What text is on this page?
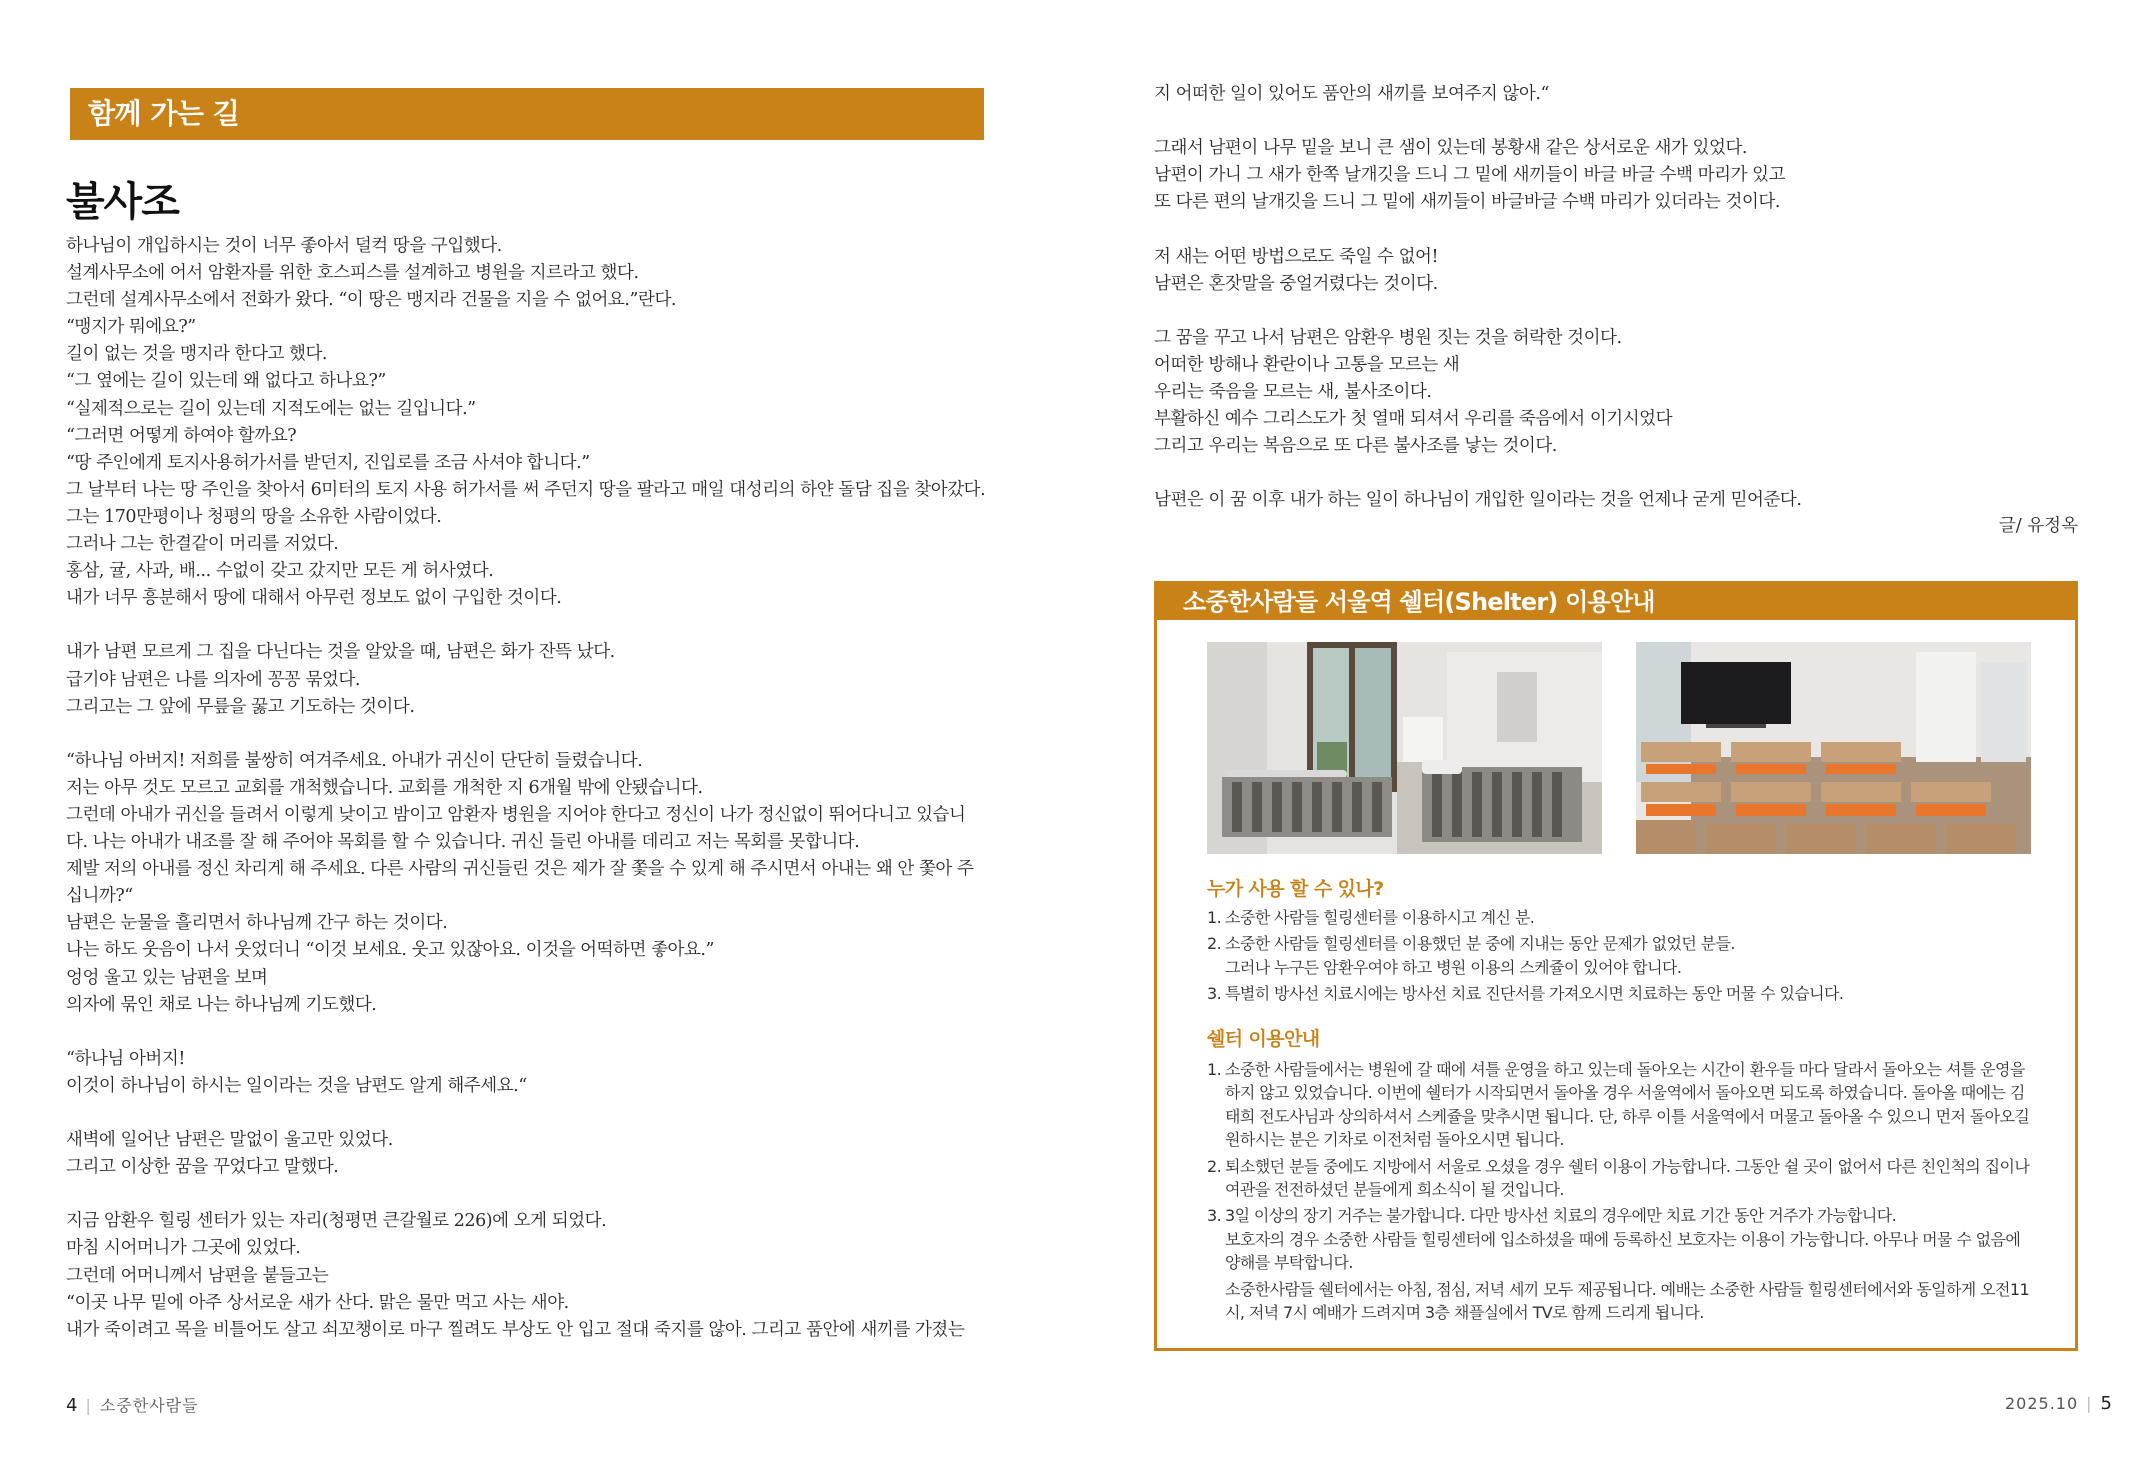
함께 가는 길
불사조
하나님이 개입하시는 것이 너무 좋아서 덜컥 땅을 구입했다.
설계사무소에 어서 암환자를 위한 호스피스를 설계하고 병원을 지르라고 했다.
그런데 설계사무소에서 전화가 왔다. “이 땅은 맹지라 건물을 지을 수 없어요.”란다.
“맹지가 뭐에요?”
길이 없는 것을 맹지라 한다고 했다.
“그 옆에는 길이 있는데 왜 없다고 하나요?”
“실제적으로는 길이 있는데 지적도에는 없는 길입니다.”
“그러면 어떻게 하여야 할까요?
“땅 주인에게 토지사용허가서를 받던지, 진입로를 조금 사셔야 합니다.”
그 날부터 나는 땅 주인을 찾아서 6미터의 토지 사용 허가서를 써 주던지 땅을 팔라고 매일 대성리의 하얀 돌담 집을 찾아갔다.
그는 170만평이나 청평의 땅을 소유한 사람이었다.
그러나 그는 한결같이 머리를 저었다.
홍삼, 귤, 사과, 배... 수없이 갖고 갔지만 모든 게 허사였다.
내가 너무 흥분해서 땅에 대해서 아무런 정보도 없이 구입한 것이다.
내가 남편 모르게 그 집을 다닌다는 것을 알았을 때, 남편은 화가 잔뜩 났다.
급기야 남편은 나를 의자에 꽁꽁 묶었다.
그리고는 그 앞에 무릎을 꿇고 기도하는 것이다.
“하나님 아버지! 저희를 불쌍히 여겨주세요. 아내가 귀신이 단단히 들렸습니다.
저는 아무 것도 모르고 교회를 개척했습니다. 교회를 개척한 지 6개월 밖에 안됐습니다.
그런데 아내가 귀신을 들려서 이렇게 낮이고 밤이고 암환자 병원을 지어야 한다고 정신이 나가 정신없이 뛰어다니고 있습니
다. 나는 아내가 내조를 잘 해 주어야 목회를 할 수 있습니다. 귀신 들린 아내를 데리고 저는 목회를 못합니다.
제발 저의 아내를 정신 차리게 해 주세요. 다른 사람의 귀신들린 것은 제가 잘 쫓을 수 있게 해 주시면서 아내는 왜 안 쫓아 주
십니까?“
남편은 눈물을 흘리면서 하나님께 간구 하는 것이다.
나는 하도 웃음이 나서 웃었더니 “이것 보세요. 웃고 있잖아요. 이것을 어떡하면 좋아요.”
엉엉 울고 있는 남편을 보며
의자에 묶인 채로 나는 하나님께 기도했다.
“하나님 아버지!
이것이 하나님이 하시는 일이라는 것을 남편도 알게 해주세요.“
새벽에 일어난 남편은 말없이 울고만 있었다.
그리고 이상한 꿈을 꾸었다고 말했다.
지금 암환우 힐링 센터가 있는 자리(청평면 큰갈월로 226)에 오게 되었다.
마침 시어머니가 그곳에 있었다.
그런데 어머니께서 남편을 붙들고는
“이곳 나무 밑에 아주 상서로운 새가 산다. 맑은 물만 먹고 사는 새야.
내가 죽이려고 목을 비틀어도 살고 쇠꼬챙이로 마구 찔려도 부상도 안 입고 절대 죽지를 않아. 그리고 품안에 새끼를 가졌는
4 | 소중한사람들
지 어떠한 일이 있어도 품안의 새끼를 보여주지 않아.“
그래서 남편이 나무 밑을 보니 큰 샘이 있는데 봉황새 같은 상서로운 새가 있었다.
남편이 가니 그 새가 한쪽 날개깃을 드니 그 밑에 새끼들이 바글 바글 수백 마리가 있고
또 다른 편의 날개깃을 드니 그 밑에 새끼들이 바글바글 수백 마리가 있더라는 것이다.
저 새는 어떤 방법으로도 죽일 수 없어!
남편은 혼잣말을 중얼거렸다는 것이다.
그 꿈을 꾸고 나서 남편은 암환우 병원 짓는 것을 허락한 것이다.
어떠한 방해나 환란이나 고통을 모르는 새
우리는 죽음을 모르는 새, 불사조이다.
부활하신 예수 그리스도가 첫 열매 되셔서 우리를 죽음에서 이기시었다
그리고 우리는 복음으로 또 다른 불사조를 낳는 것이다.
남편은 이 꿈 이후 내가 하는 일이 하나님이 개입한 일이라는 것을 언제나 굳게 믿어준다.
글/ 유정옥
소중한사람들 서울역 쉘터(Shelter) 이용안내
누가 사용 할 수 있나?
1. 소중한 사람들 힐링센터를 이용하시고 계신 분.
2. 소중한 사람들 힐링센터를 이용했던 분 중에 지내는 동안 문제가 없었던 분들.
그러나 누구든 암환우여야 하고 병원 이용의 스케쥴이 있어야 합니다.
3. 특별히 방사선 치료시에는 방사선 치료 진단서를 가져오시면 치료하는 동안 머물 수 있습니다.
쉘터 이용안내
1. 소중한 사람들에서는 병원에 갈 때에 셔틀 운영을 하고 있는데 돌아오는 시간이 환우들 마다 달라서 돌아오는 셔틀 운영을 하지 않고 있었습니다. 이번에 쉘터가 시작되면서 돌아올 경우 서울역에서 돌아오면 되도록 하였습니다. 돌아올 때에는 김태희 전도사님과 상의하셔서 스케쥴을 맞추시면 됩니다. 단, 하루 이틀 서울역에서 머물고 돌아올 수 있으니 먼저 돌아오길 원하시는 분은 기차로 이전처럼 돌아오시면 됩니다.
2. 퇴소했던 분들 중에도 지방에서 서울로 오셨을 경우 쉘터 이용이 가능합니다. 그동안 쉴 곳이 없어서 다른 친인척의 집이나 여관을 전전하셨던 분들에게 희소식이 될 것입니다.
3. 3일 이상의 장기 거주는 불가합니다. 다만 방사선 치료의 경우에만 치료 기간 동안 거주가 가능합니다.
보호자의 경우 소중한 사람들 힐링센터에 입소하셨을 때에 등록하신 보호자는 이용이 가능합니다. 아무나 머물 수 없음에 양해를 부탁합니다.
소중한사람들 쉘터에서는 아침, 점심, 저녁 세끼 모두 제공됩니다. 예배는 소중한 사람들 힐링센터에서와 동일하게 오전11시, 저녁 7시 예배가 드려지며 3층 채플실에서 TV로 함께 드리게 됩니다.
2025.10 | 5
